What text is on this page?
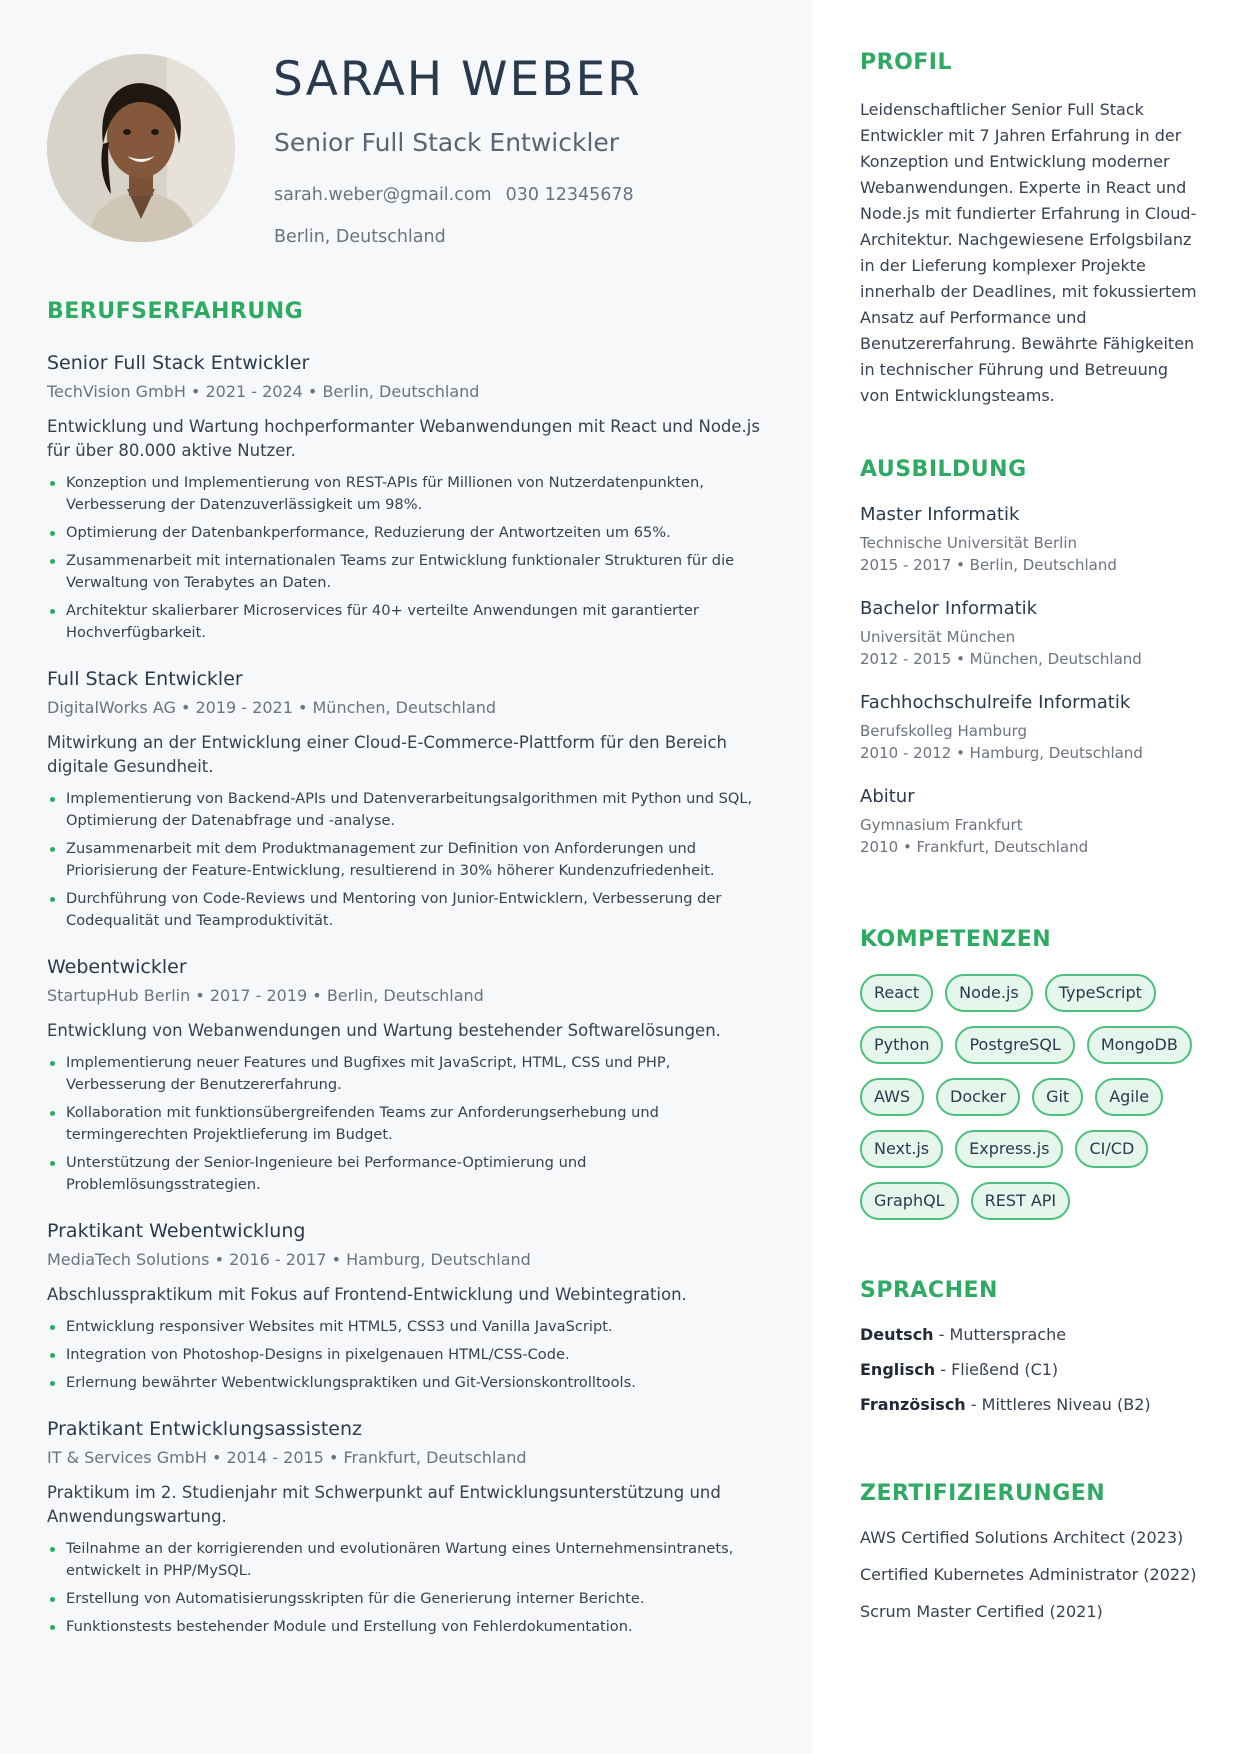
SARAH WEBER
Senior Full Stack Entwickler
sarah.weber@gmail.com 030 12345678
Berlin, Deutschland
BERUFSERFAHRUNG
Senior Full Stack Entwickler
TechVision GmbH • 2021 - 2024 • Berlin, Deutschland
Entwicklung und Wartung hochperformanter Webanwendungen mit React und Node.js für über 80.000 aktive Nutzer.
Konzeption und Implementierung von REST-APIs für Millionen von Nutzerdatenpunkten, Verbesserung der Datenzuverlässigkeit um 98%.
Optimierung der Datenbankperformance, Reduzierung der Antwortzeiten um 65%.
Zusammenarbeit mit internationalen Teams zur Entwicklung funktionaler Strukturen für die Verwaltung von Terabytes an Daten.
Architektur skalierbarer Microservices für 40+ verteilte Anwendungen mit garantierter Hochverfügbarkeit.
Full Stack Entwickler
DigitalWorks AG • 2019 - 2021 • München, Deutschland
Mitwirkung an der Entwicklung einer Cloud-E-Commerce-Plattform für den Bereich digitale Gesundheit.
Implementierung von Backend-APIs und Datenverarbeitungsalgorithmen mit Python und SQL, Optimierung der Datenabfrage und -analyse.
Zusammenarbeit mit dem Produktmanagement zur Definition von Anforderungen und Priorisierung der Feature-Entwicklung, resultierend in 30% höherer Kundenzufriedenheit.
Durchführung von Code-Reviews und Mentoring von Junior-Entwicklern, Verbesserung der Codequalität und Teamproduktivität.
Webentwickler
StartupHub Berlin • 2017 - 2019 • Berlin, Deutschland
Entwicklung von Webanwendungen und Wartung bestehender Softwarelösungen.
Implementierung neuer Features und Bugfixes mit JavaScript, HTML, CSS und PHP, Verbesserung der Benutzererfahrung.
Kollaboration mit funktionsübergreifenden Teams zur Anforderungserhebung und termingerechten Projektlieferung im Budget.
Unterstützung der Senior-Ingenieure bei Performance-Optimierung und Problemlösungsstrategien.
Praktikant Webentwicklung
MediaTech Solutions • 2016 - 2017 • Hamburg, Deutschland
Abschlusspraktikum mit Fokus auf Frontend-Entwicklung und Webintegration.
Entwicklung responsiver Websites mit HTML5, CSS3 und Vanilla JavaScript.
Integration von Photoshop-Designs in pixelgenauen HTML/CSS-Code.
Erlernung bewährter Webentwicklungspraktiken und Git-Versionskontrolltools.
Praktikant Entwicklungsassistenz
IT & Services GmbH • 2014 - 2015 • Frankfurt, Deutschland
Praktikum im 2. Studienjahr mit Schwerpunkt auf Entwicklungsunterstützung und Anwendungswartung.
Teilnahme an der korrigierenden und evolutionären Wartung eines Unternehmensintranets, entwickelt in PHP/MySQL.
Erstellung von Automatisierungsskripten für die Generierung interner Berichte.
Funktionstests bestehender Module und Erstellung von Fehlerdokumentation.
PROFIL
Leidenschaftlicher Senior Full Stack Entwickler mit 7 Jahren Erfahrung in der Konzeption und Entwicklung moderner Webanwendungen. Experte in React und Node.js mit fundierter Erfahrung in Cloud-Architektur. Nachgewiesene Erfolgsbilanz in der Lieferung komplexer Projekte innerhalb der Deadlines, mit fokussiertem Ansatz auf Performance und Benutzererfahrung. Bewährte Fähigkeiten in technischer Führung und Betreuung von Entwicklungsteams.
AUSBILDUNG
Master Informatik
Technische Universität Berlin
2015 - 2017 • Berlin, Deutschland
Bachelor Informatik
Universität München
2012 - 2015 • München, Deutschland
Fachhochschulreife Informatik
Berufskolleg Hamburg
2010 - 2012 • Hamburg, Deutschland
Abitur
Gymnasium Frankfurt
2010 • Frankfurt, Deutschland
KOMPETENZEN
React	Node.js	TypeScript
Python	PostgreSQL	MongoDB
AWS	Docker	Git	Agile
Next.js	Express.js	CI/CD
GraphQL	REST API
SPRACHEN
Deutsch - Muttersprache
Englisch - Fließend (C1)
Französisch - Mittleres Niveau (B2)
ZERTIFIZIERUNGEN
AWS Certified Solutions Architect (2023)
Certified Kubernetes Administrator (2022)
Scrum Master Certified (2021)
